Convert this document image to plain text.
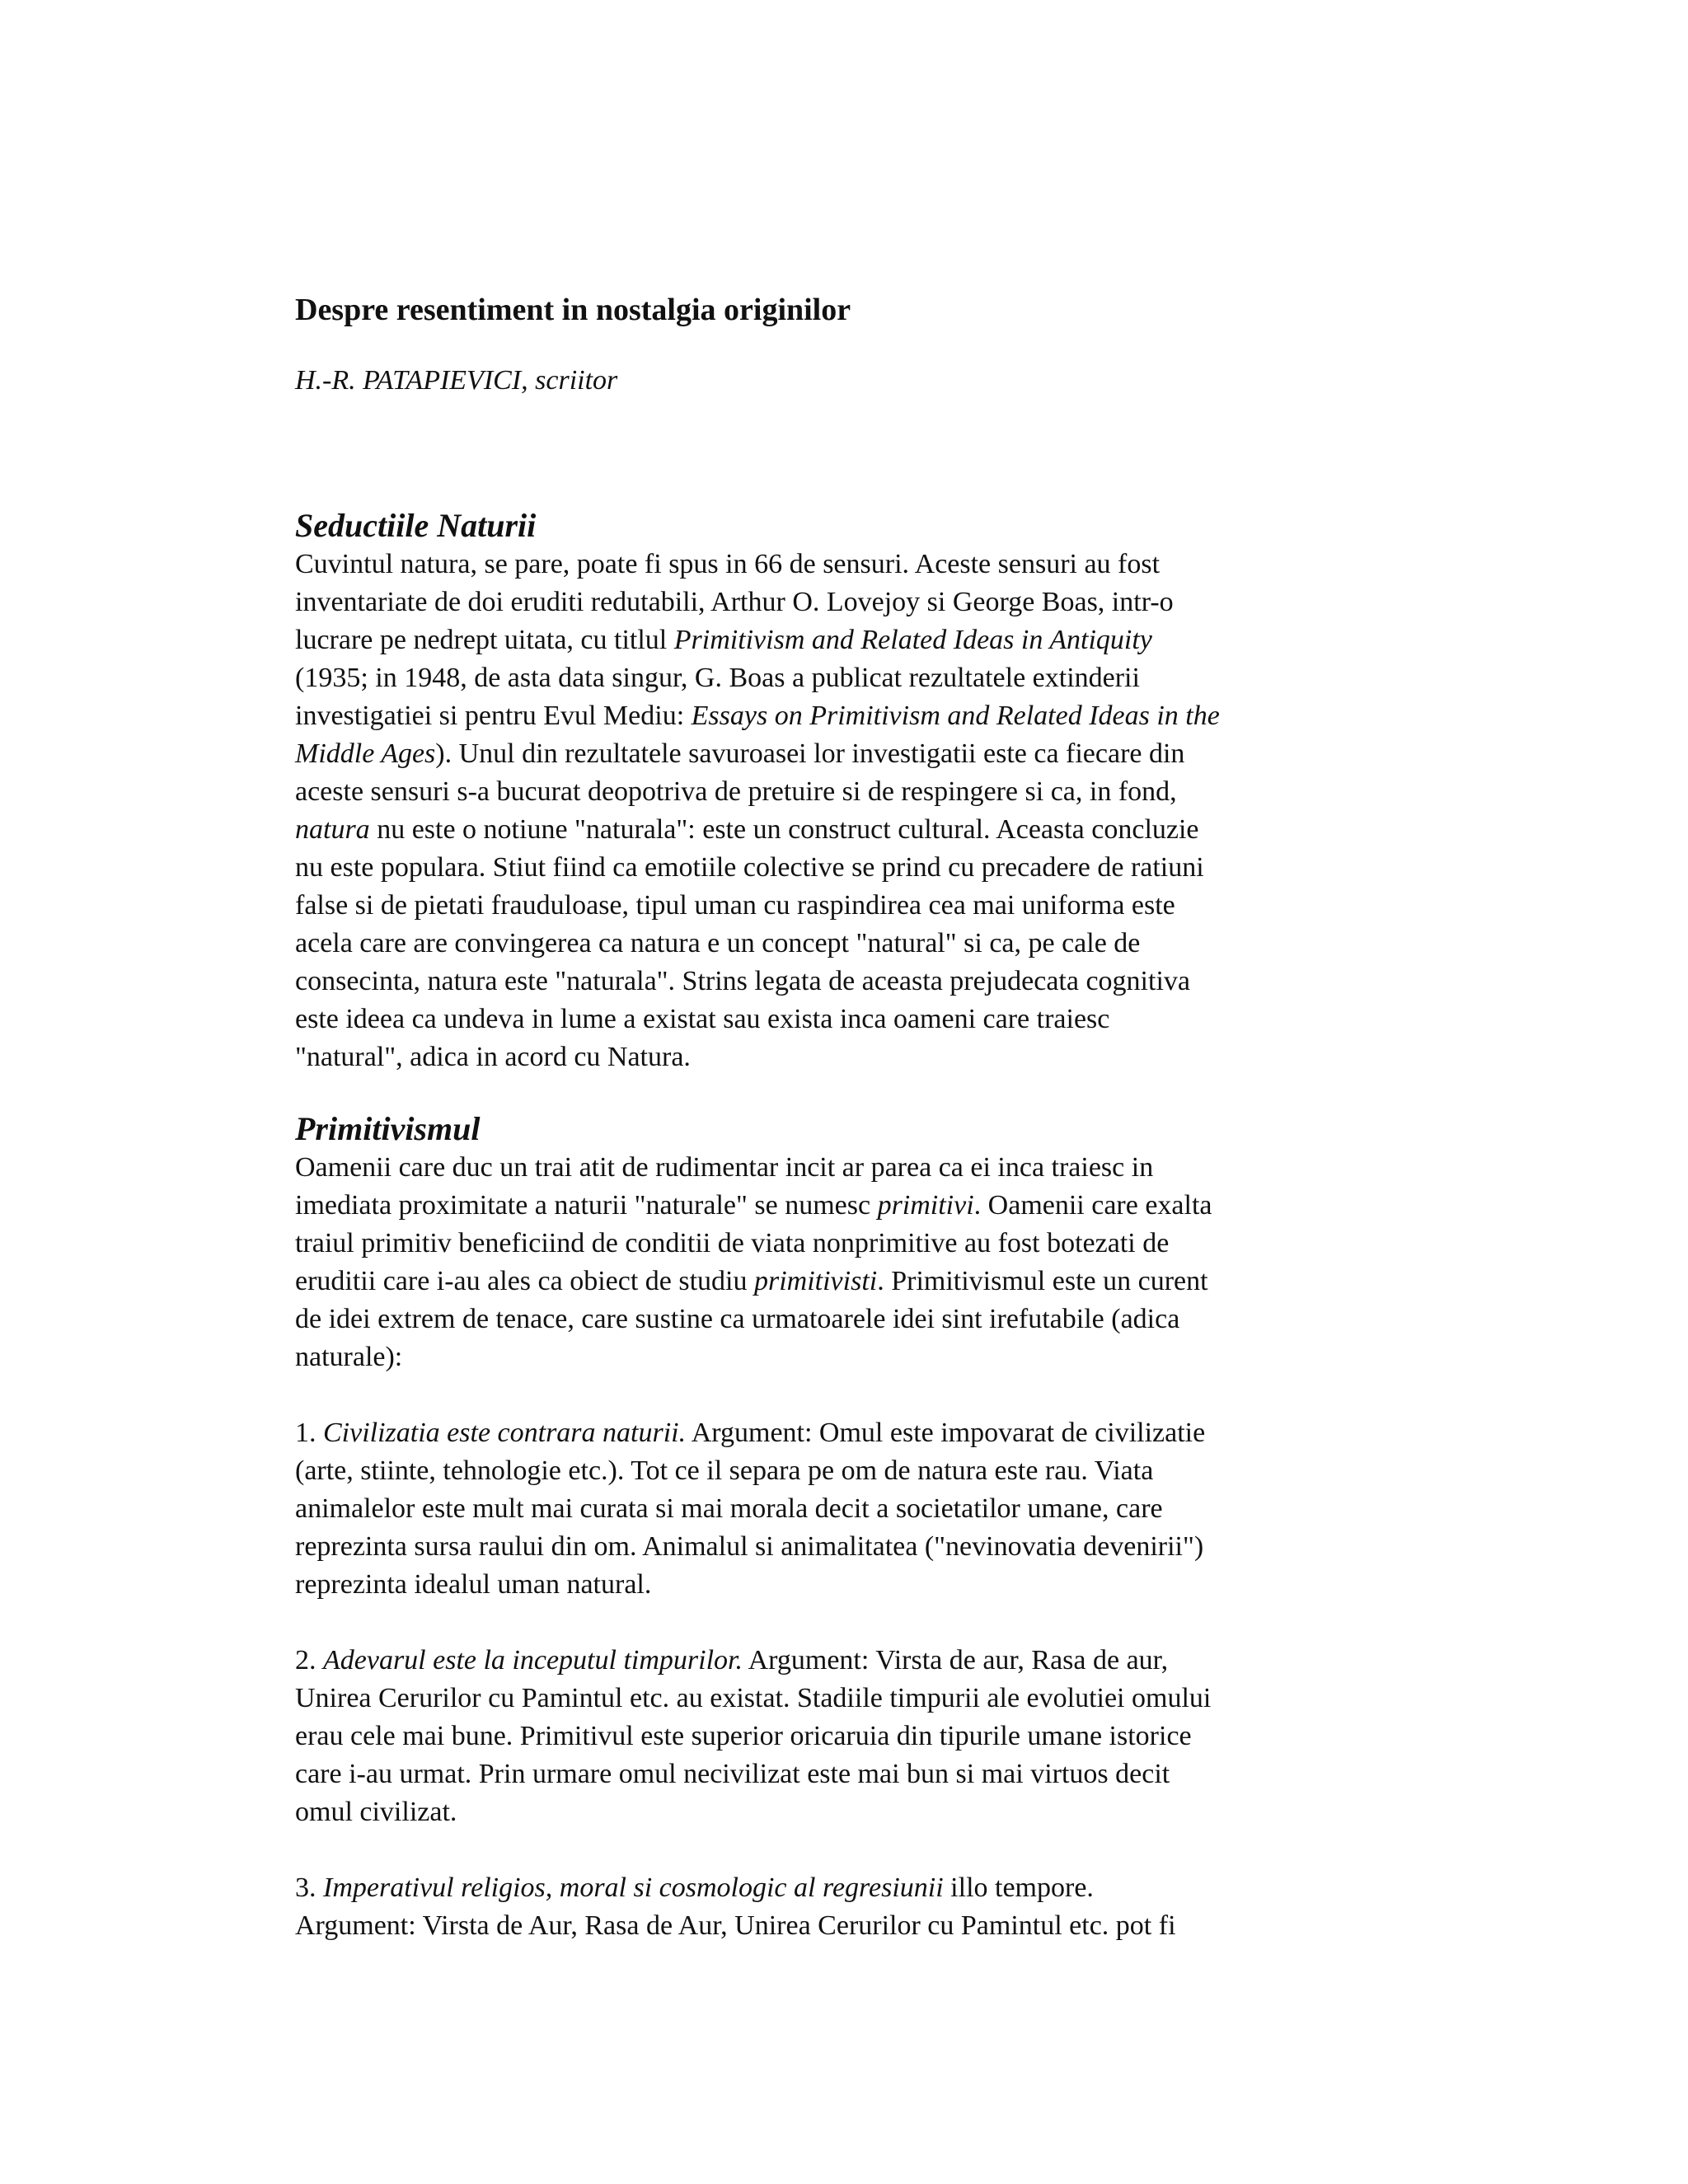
Despre resentiment in nostalgia originilor
H.-R. PATAPIEVICI, scriitor
Seductiile Naturii
Cuvintul natura, se pare, poate fi spus in 66 de sensuri. Aceste sensuri au fost
inventariate de doi eruditi redutabili, Arthur O. Lovejoy si George Boas, intr-o
lucrare pe nedrept uitata, cu titlul Primitivism and Related Ideas in Antiquity
(1935; in 1948, de asta data singur, G. Boas a publicat rezultatele extinderii
investigatiei si pentru Evul Mediu: Essays on Primitivism and Related Ideas in the
Middle Ages). Unul din rezultatele savuroasei lor investigatii este ca fiecare din
aceste sensuri s-a bucurat deopotriva de pretuire si de respingere si ca, in fond,
natura nu este o notiune "naturala": este un construct cultural. Aceasta concluzie
nu este populara. Stiut fiind ca emotiile colective se prind cu precadere de ratiuni
false si de pietati frauduloase, tipul uman cu raspindirea cea mai uniforma este
acela care are convingerea ca natura e un concept "natural" si ca, pe cale de
consecinta, natura este "naturala". Strins legata de aceasta prejudecata cognitiva
este ideea ca undeva in lume a existat sau exista inca oameni care traiesc
"natural", adica in acord cu Natura.
Primitivismul
Oamenii care duc un trai atit de rudimentar incit ar parea ca ei inca traiesc in
imediata proximitate a naturii "naturale" se numesc primitivi. Oamenii care exalta
traiul primitiv beneficiind de conditii de viata nonprimitive au fost botezati de
eruditii care i-au ales ca obiect de studiu primitivisti. Primitivismul este un curent
de idei extrem de tenace, care sustine ca urmatoarele idei sint irefutabile (adica
naturale):
1. Civilizatia este contrara naturii. Argument: Omul este impovarat de civilizatie
(arte, stiinte, tehnologie etc.). Tot ce il separa pe om de natura este rau. Viata
animalelor este mult mai curata si mai morala decit a societatilor umane, care
reprezinta sursa raului din om. Animalul si animalitatea ("nevinovatia devenirii")
reprezinta idealul uman natural.
2. Adevarul este la inceputul timpurilor. Argument: Virsta de aur, Rasa de aur,
Unirea Cerurilor cu Pamintul etc. au existat. Stadiile timpurii ale evolutiei omului
erau cele mai bune. Primitivul este superior oricaruia din tipurile umane istorice
care i-au urmat. Prin urmare omul necivilizat este mai bun si mai virtuos decit
omul civilizat.
3. Imperativul religios, moral si cosmologic al regresiunii illo tempore.
Argument: Virsta de Aur, Rasa de Aur, Unirea Cerurilor cu Pamintul etc. pot fi
